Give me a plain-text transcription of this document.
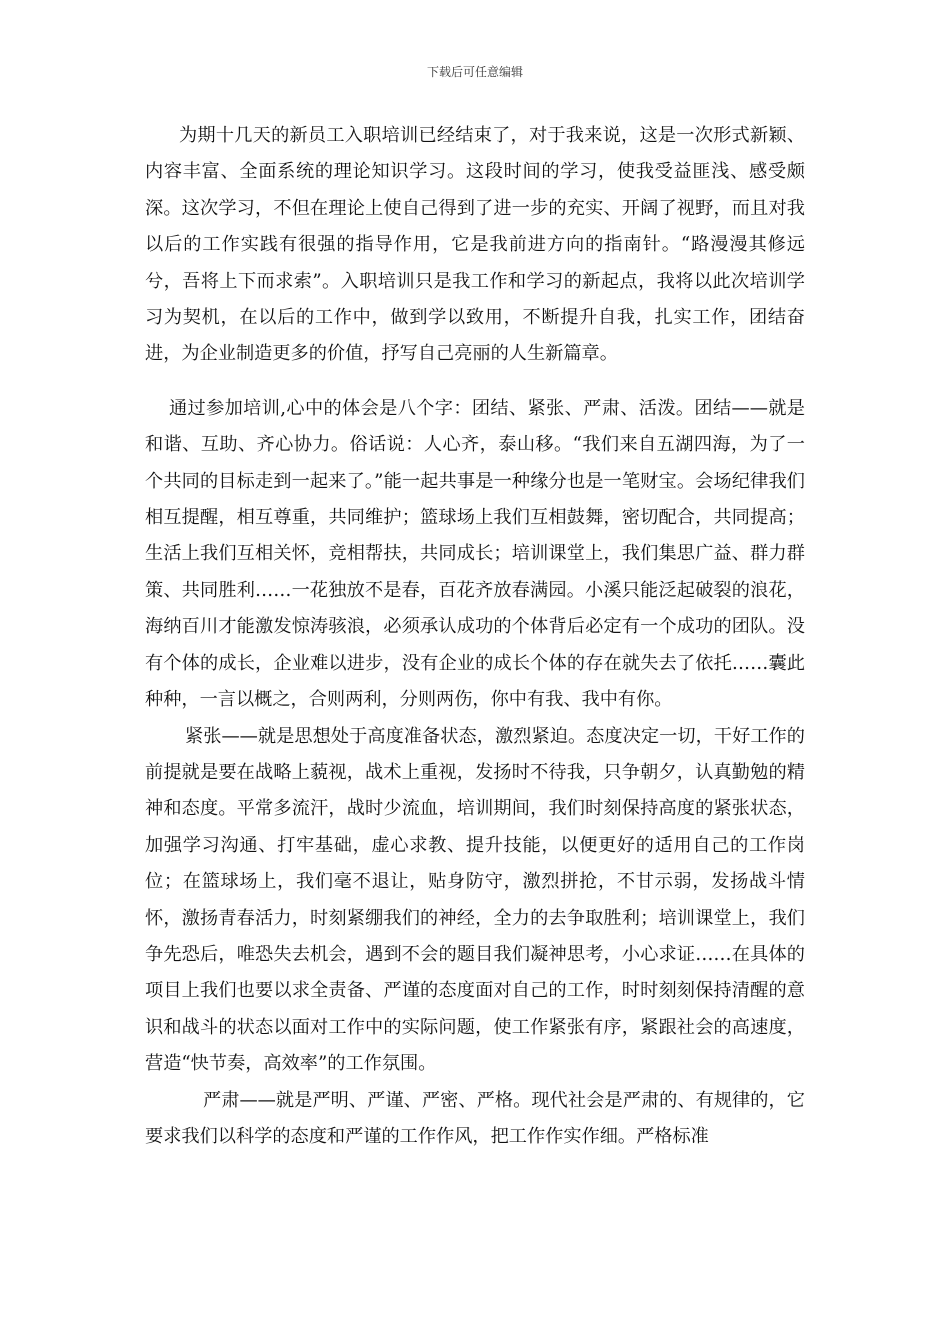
下载后可任意编辑

为期十几天的新员工入职培训已经结束了，对于我来说，这是一次形式新颖、内容丰富、全面系统的理论知识学习。这段时间的学习，使我受益匪浅、感受颇深。这次学习，不但在理论上使自己得到了进一步的充实、开阔了视野，而且对我以后的工作实践有很强的指导作用，它是我前进方向的指南针。“路漫漫其修远兮，吾将上下而求索”。入职培训只是我工作和学习的新起点，我将以此次培训学习为契机，在以后的工作中，做到学以致用，不断提升自我，扎实工作，团结奋进，为企业制造更多的价值，抒写自己亮丽的人生新篇章。

通过参加培训,心中的体会是八个字：团结、紧张、严肃、活泼。团结——就是和谐、互助、齐心协力。俗话说：人心齐，泰山移。“我们来自五湖四海，为了一个共同的目标走到一起来了。”能一起共事是一种缘分也是一笔财宝。会场纪律我们相互提醒，相互尊重，共同维护；篮球场上我们互相鼓舞，密切配合，共同提高；生活上我们互相关怀，竞相帮扶，共同成长；培训课堂上，我们集思广益、群力群策、共同胜利……一花独放不是春，百花齐放春满园。小溪只能泛起破裂的浪花，海纳百川才能激发惊涛骇浪，必须承认成功的个体背后必定有一个成功的团队。没有个体的成长，企业难以进步，没有企业的成长个体的存在就失去了依托……囊此种种，一言以概之，合则两利，分则两伤，你中有我、我中有你。

紧张——就是思想处于高度准备状态，激烈紧迫。态度决定一切，干好工作的前提就是要在战略上藐视，战术上重视，发扬时不待我，只争朝夕，认真勤勉的精神和态度。平常多流汗，战时少流血，培训期间，我们时刻保持高度的紧张状态，加强学习沟通、打牢基础，虚心求教、提升技能，以便更好的适用自己的工作岗位；在篮球场上，我们毫不退让，贴身防守，激烈拼抢，不甘示弱，发扬战斗情怀，激扬青春活力，时刻紧绷我们的神经，全力的去争取胜利；培训课堂上，我们争先恐后，唯恐失去机会，遇到不会的题目我们凝神思考，小心求证……在具体的项目上我们也要以求全责备、严谨的态度面对自己的工作，时时刻刻保持清醒的意识和战斗的状态以面对工作中的实际问题，使工作紧张有序，紧跟社会的高速度，营造“快节奏，高效率”的工作氛围。

严肃——就是严明、严谨、严密、严格。现代社会是严肃的、有规律的，它要求我们以科学的态度和严谨的工作作风，把工作作实作细。严格标准
